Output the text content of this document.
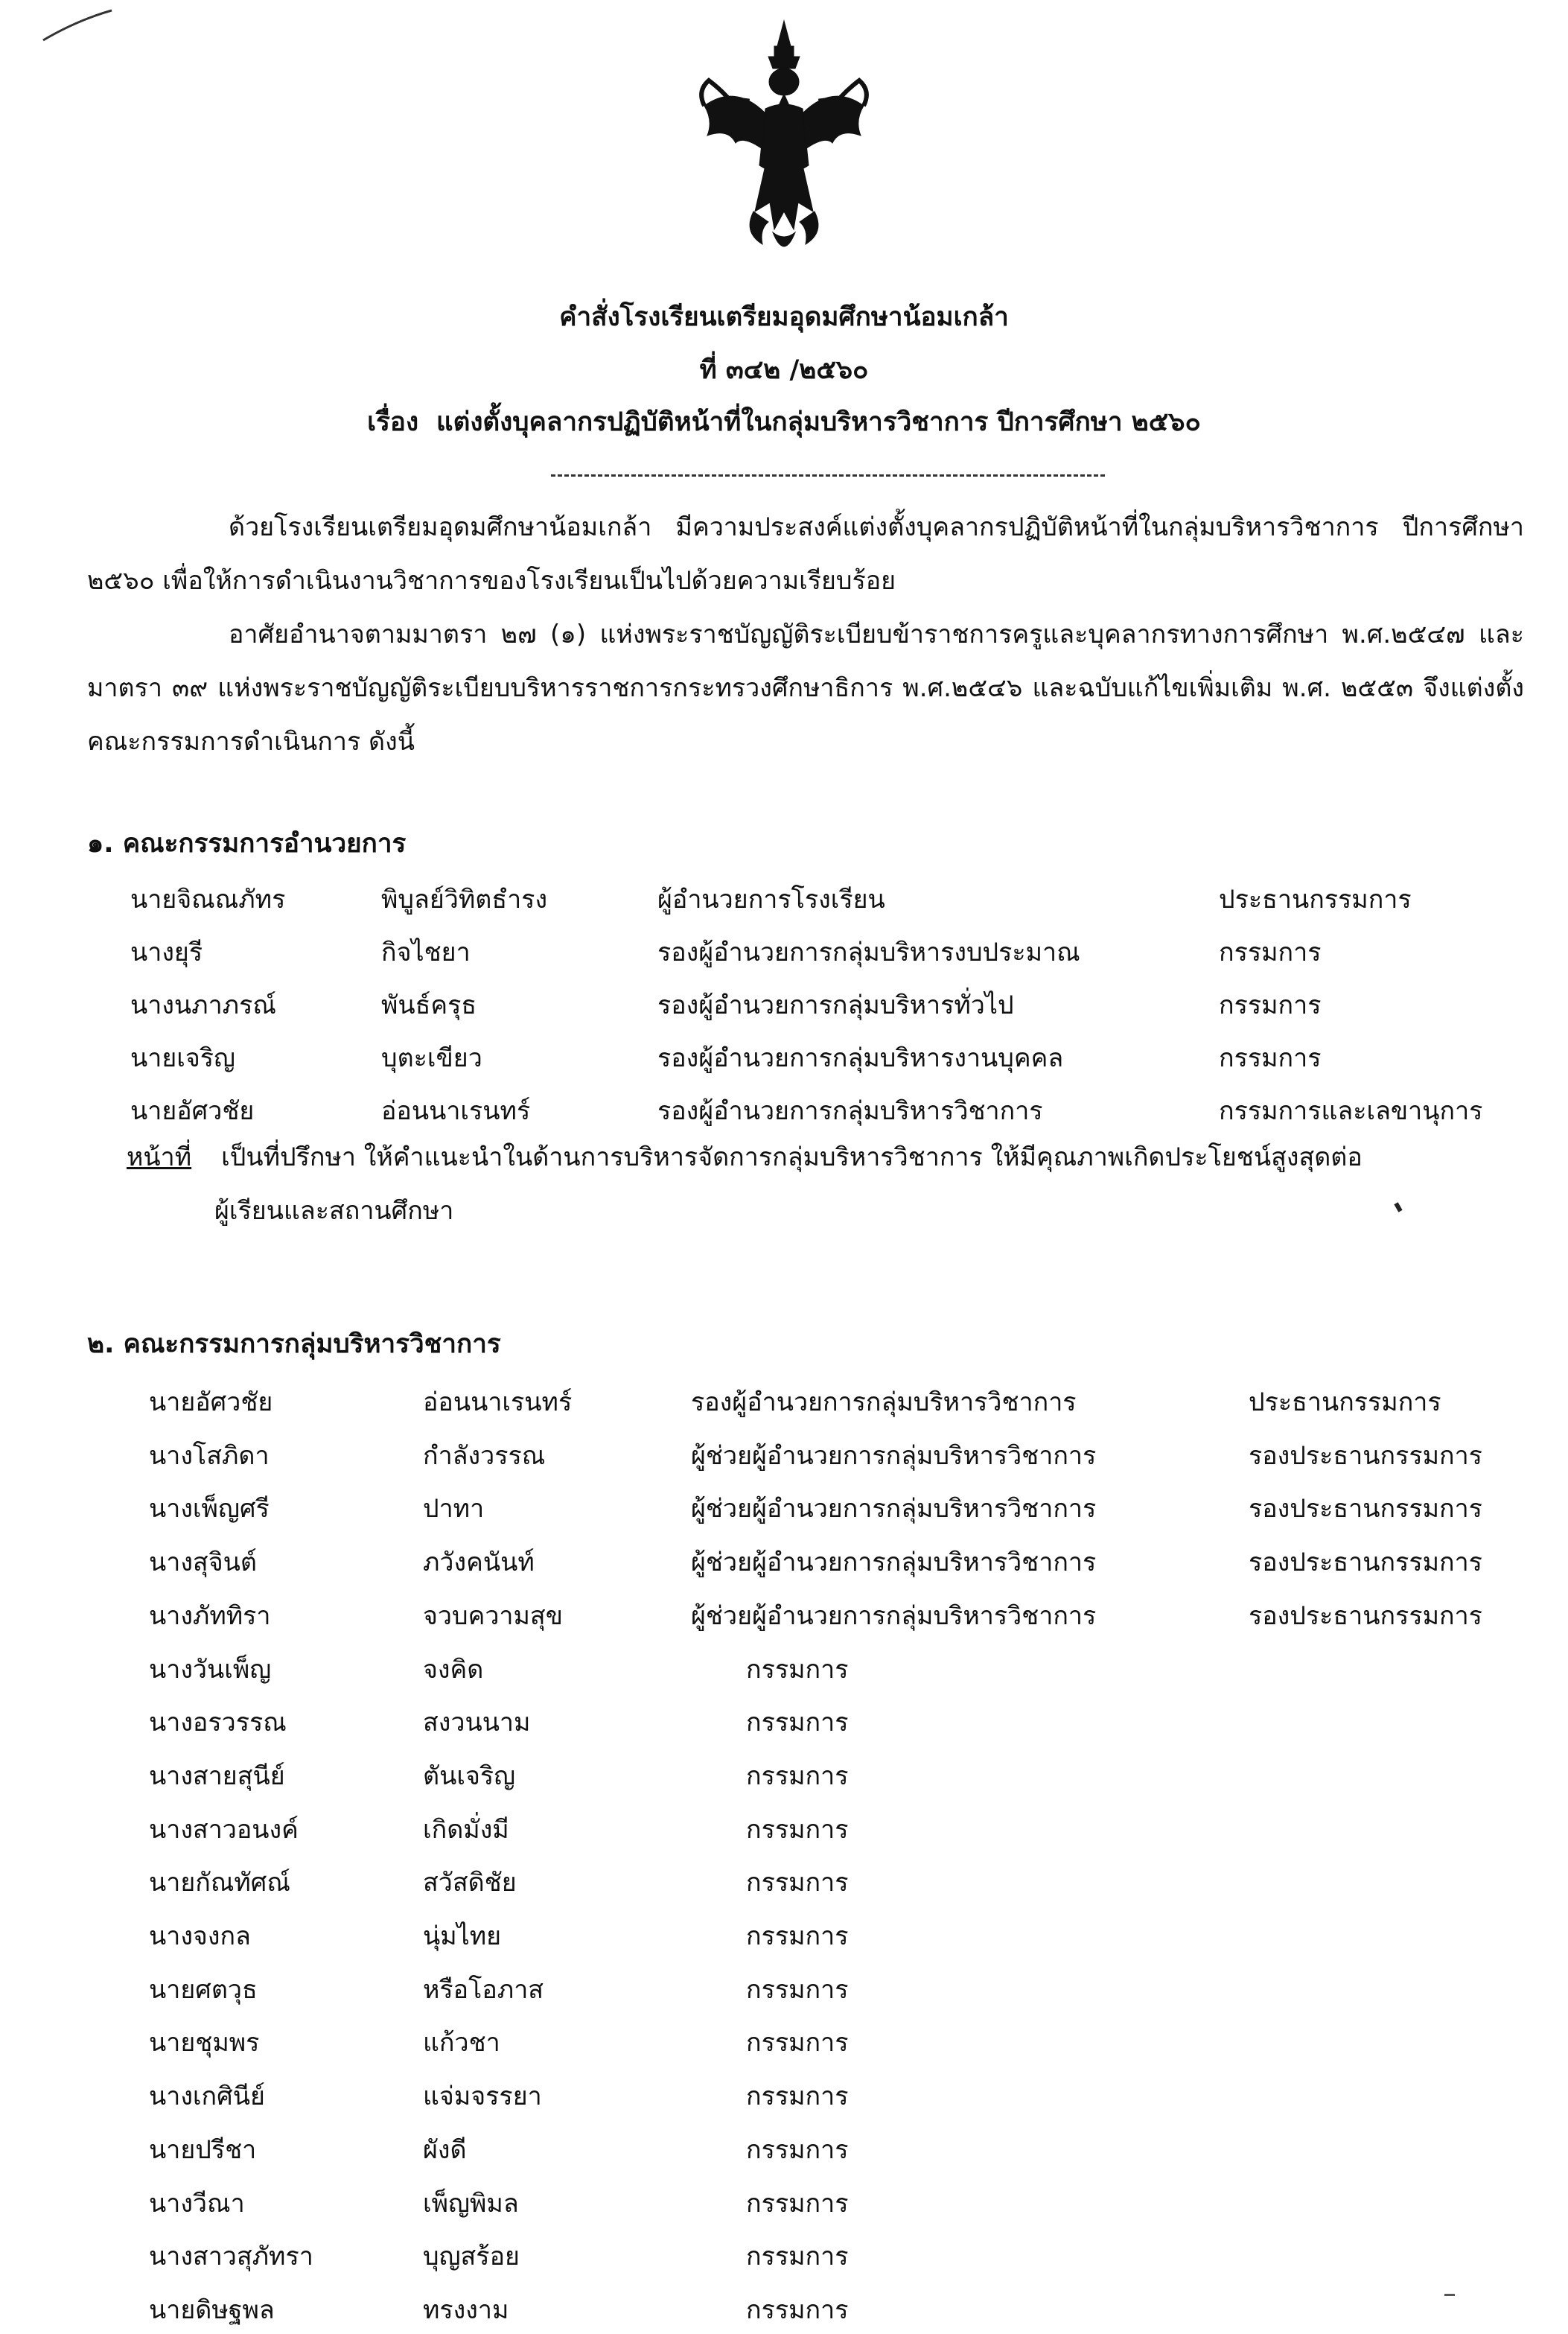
คำสั่งโรงเรียนเตรียมอุดมศึกษาน้อมเกล้า
ที่ ๓๔๒ /๒๕๖๐
เรื่อง แต่งตั้งบุคลากรปฏิบัติหน้าที่ในกลุ่มบริหารวิชาการ ปีการศึกษา ๒๕๖๐
ด้วยโรงเรียนเตรียมอุดมศึกษาน้อมเกล้า มีความประสงค์แต่งตั้งบุคลากรปฏิบัติหน้าที่ในกลุ่มบริหารวิชาการ ปีการศึกษา ๒๕๖๐ เพื่อให้การดำเนินงานวิชาการของโรงเรียนเป็นไปด้วยความเรียบร้อย
อาศัยอำนาจตามมาตรา ๒๗ (๑) แห่งพระราชบัญญัติระเบียบข้าราชการครูและบุคลากรทางการศึกษา พ.ศ.๒๕๔๗ และมาตรา ๓๙ แห่งพระราชบัญญัติระเบียบบริหารราชการกระทรวงศึกษาธิการ พ.ศ.๒๕๔๖ และฉบับแก้ไขเพิ่มเติม พ.ศ. ๒๕๕๓ จึงแต่งตั้งคณะกรรมการดำเนินการ ดังนี้
๑. คณะกรรมการอำนวยการ
นายจิณณภัทร	พิบูลย์วิทิตธำรง	ผู้อำนวยการโรงเรียน	ประธานกรรมการ
นางยุรี	กิจไชยา	รองผู้อำนวยการกลุ่มบริหารงบประมาณ	กรรมการ
นางนภาภรณ์	พันธ์ครุธ	รองผู้อำนวยการกลุ่มบริหารทั่วไป	กรรมการ
นายเจริญ	บุตะเขียว	รองผู้อำนวยการกลุ่มบริหารงานบุคคล	กรรมการ
นายอัศวชัย	อ่อนนาเรนทร์	รองผู้อำนวยการกลุ่มบริหารวิชาการ	กรรมการและเลขานุการ
หน้าที่ เป็นที่ปรึกษา ให้คำแนะนำในด้านการบริหารจัดการกลุ่มบริหารวิชาการ ให้มีคุณภาพเกิดประโยชน์สูงสุดต่อ
ผู้เรียนและสถานศึกษา
๒. คณะกรรมการกลุ่มบริหารวิชาการ
นายอัศวชัย	อ่อนนาเรนทร์	รองผู้อำนวยการกลุ่มบริหารวิชาการ	ประธานกรรมการ
นางโสภิดา	กำลังวรรณ	ผู้ช่วยผู้อำนวยการกลุ่มบริหารวิชาการ	รองประธานกรรมการ
นางเพ็ญศรี	ปาทา	ผู้ช่วยผู้อำนวยการกลุ่มบริหารวิชาการ	รองประธานกรรมการ
นางสุจินต์	ภวังคนันท์	ผู้ช่วยผู้อำนวยการกลุ่มบริหารวิชาการ	รองประธานกรรมการ
นางภัททิรา	จวบความสุข	ผู้ช่วยผู้อำนวยการกลุ่มบริหารวิชาการ	รองประธานกรรมการ
นางวันเพ็ญ	จงคิด	กรรมการ
นางอรวรรณ	สงวนนาม	กรรมการ
นางสายสุนีย์	ตันเจริญ	กรรมการ
นางสาวอนงค์	เกิดมั่งมี	กรรมการ
นายกัณทัศณ์	สวัสดิชัย	กรรมการ
นางจงกล	นุ่มไทย	กรรมการ
นายศตวุธ	หรือโอภาส	กรรมการ
นายชุมพร	แก้วชา	กรรมการ
นางเกศินีย์	แจ่มจรรยา	กรรมการ
นายปรีชา	ผังดี	กรรมการ
นางวีณา	เพ็ญพิมล	กรรมการ
นางสาวสุภัทรา	บุญสร้อย	กรรมการ
นายดิษฐพล	ทรงงาม	กรรมการ
